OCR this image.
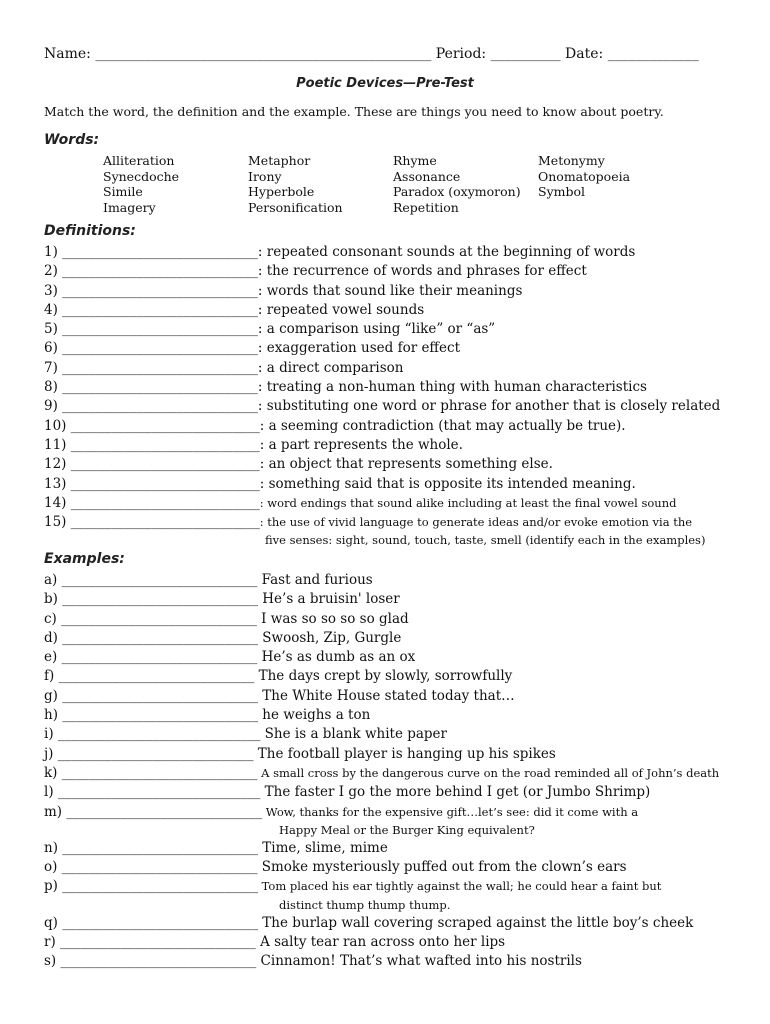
Name: ________________________________________________ Period: __________ Date: _____________
Poetic Devices—Pre-Test
Match the word, the definition and the example. These are things you need to know about poetry.
Words:
Alliteration	Metaphor	Rhyme	Metonymy
Synecdoche	Irony	Assonance	Onomatopoeia
Simile	Hyperbole	Paradox (oxymoron)	Symbol
Imagery	Personification	Repetition
Definitions:
1) _____________________________: repeated consonant sounds at the beginning of words
2) _____________________________: the recurrence of words and phrases for effect
3) _____________________________: words that sound like their meanings
4) _____________________________: repeated vowel sounds
5) _____________________________: a comparison using “like” or “as”
6) _____________________________: exaggeration used for effect
7) _____________________________: a direct comparison
8) _____________________________: treating a non-human thing with human characteristics
9) _____________________________: substituting one word or phrase for another that is closely related
10) ____________________________: a seeming contradiction (that may actually be true).
11) ____________________________: a part represents the whole.
12) ____________________________: an object that represents something else.
13) ____________________________: something said that is opposite its intended meaning.
14) ____________________________: word endings that sound alike including at least the final vowel sound
15) ____________________________: the use of vivid language to generate ideas and/or evoke emotion via the
five senses: sight, sound, touch, taste, smell (identify each in the examples)
Examples:
a) _____________________________ Fast and furious
b) _____________________________ He’s a bruisin' loser
c) _____________________________ I was so so so so glad
d) _____________________________ Swoosh, Zip, Gurgle
e) _____________________________ He’s as dumb as an ox
f) _____________________________ The days crept by slowly, sorrowfully
g) _____________________________ The White House stated today that…
h) _____________________________ he weighs a ton
i) ______________________________ She is a blank white paper
j) _____________________________ The football player is hanging up his spikes
k) _____________________________ A small cross by the dangerous curve on the road reminded all of John’s death
l) ______________________________ The faster I go the more behind I get (or Jumbo Shrimp)
m) _____________________________ Wow, thanks for the expensive gift…let’s see: did it come with a
Happy Meal or the Burger King equivalent?
n) _____________________________ Time, slime, mime
o) _____________________________ Smoke mysteriously puffed out from the clown’s ears
p) _____________________________ Tom placed his ear tightly against the wall; he could hear a faint but
distinct thump thump thump.
q) _____________________________ The burlap wall covering scraped against the little boy’s cheek
r) _____________________________ A salty tear ran across onto her lips
s) _____________________________ Cinnamon! That’s what wafted into his nostrils
